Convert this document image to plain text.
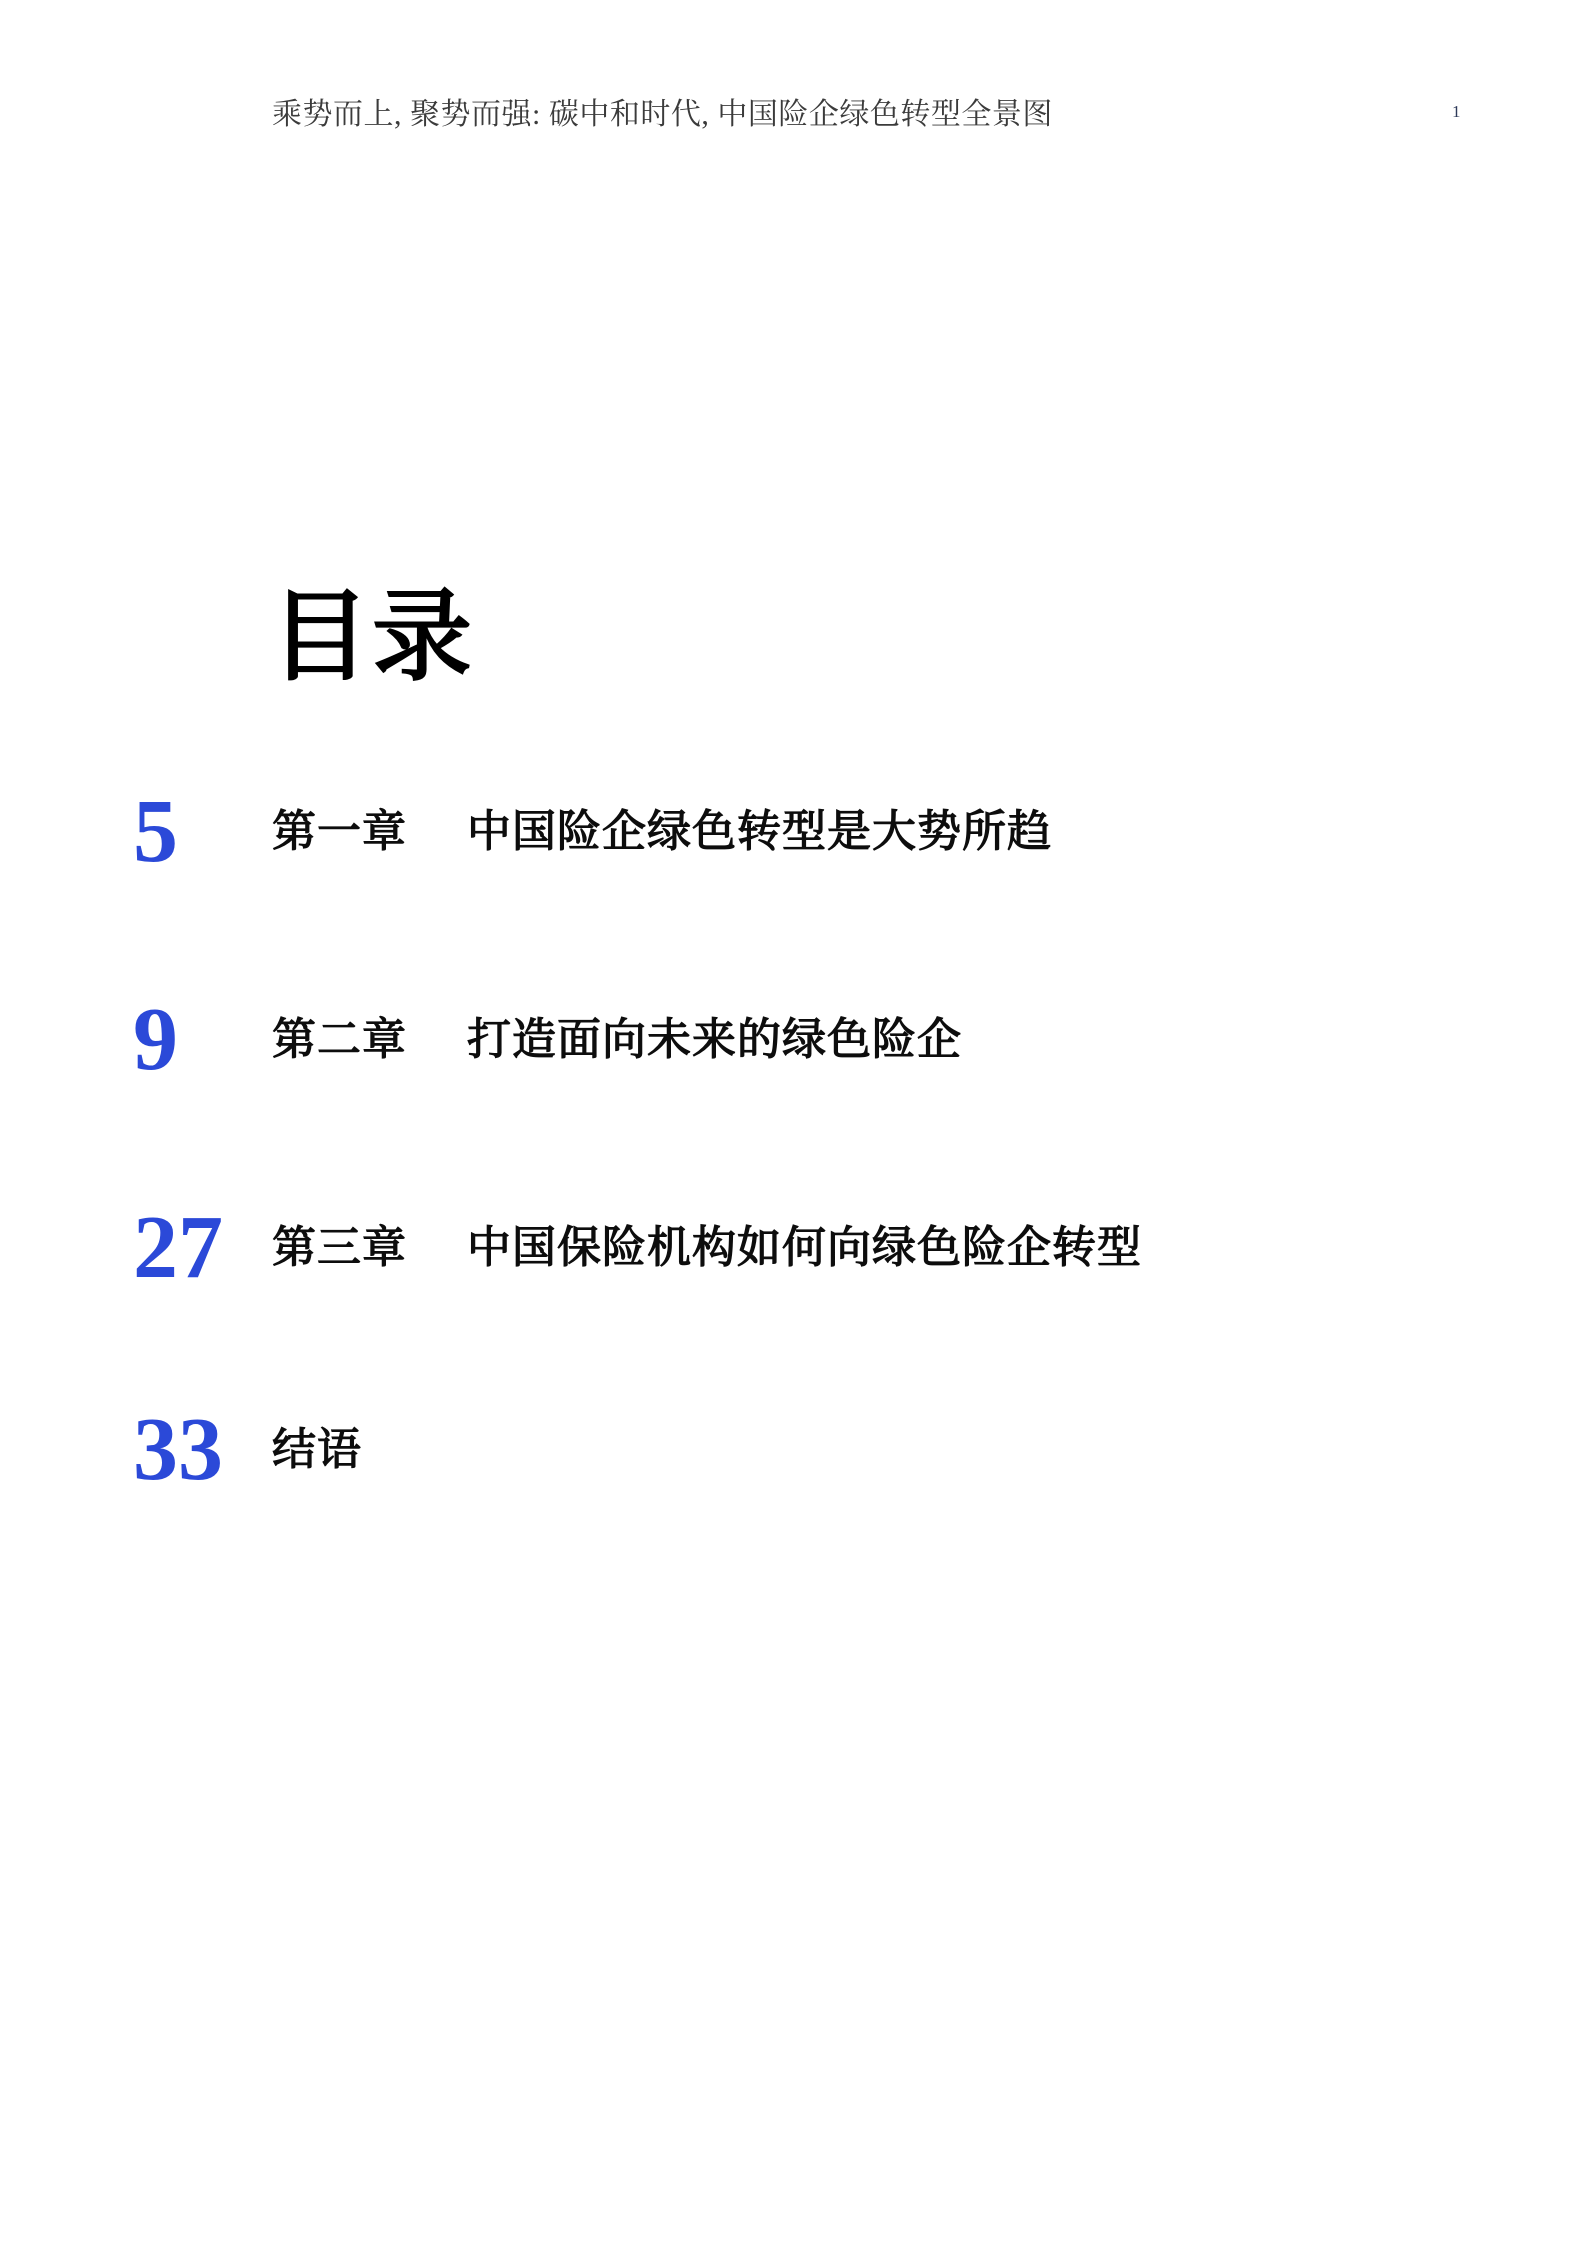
乘势而上, 聚势而强: 碳中和时代, 中国险企绿色转型全景图	1
目录
5	第一章 中国险企绿色转型是大势所趋
9	第二章 打造面向未来的绿色险企
27	第三章 中国保险机构如何向绿色险企转型
33	结语
